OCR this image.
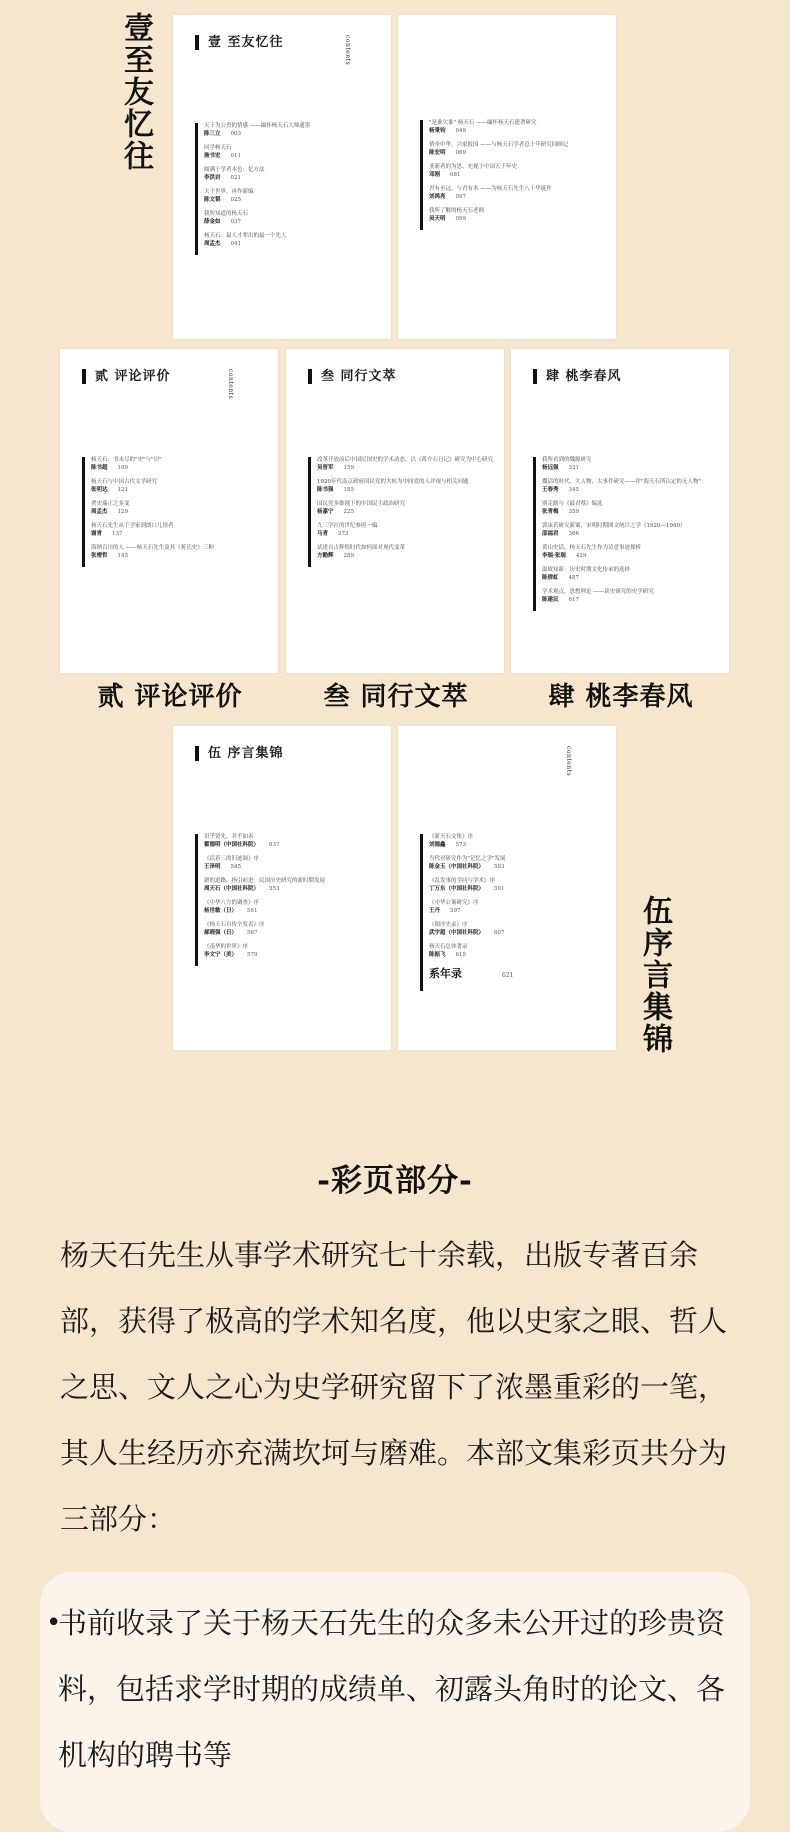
壹至友忆往	壹 至友忆往	contents
天下为公贵的情感 ——缅怀杨天石大师遗墨
陈三立 003
同学杨天石
施书宏 011
圆满于学者本色：忆方法
李洪岩 021
大千世界，再作新编
陈文韬 025
我所知道的杨天石
薛金如 037
杨天石：最人才辈出的最一个先人
周孟杰 041
"是谁欠谁" 杨天石 ——缅怀杨天石遗著研究
杨秉钧 049
情牵中华，兴家报国 ——与杨天石学者总十年研究回顾记
陈宏明 069
亚新者的为思、充视于中国五千年史
邓刚 081
君有至远，与君有本 ——为杨天石先生八十华诞作
刘鸿亮 097
我所了解的杨天石老师
吴天明 099
贰 评论评价	contents
杨天石：书未尽的"史"与"识"
陈书超 109
杨天石与中国古代文学研究
张明达 121
著史瑞正之多变
周孟杰 129
杨天石先生从千学家到朗口儿情者
谢青 137
海纳百川的人 ——杨天石先生及其《蒋氏史》三种
张增哲 145
叁 同行文萃
改革开放前后中国民国史的学术动态，以《蒋介石日记》研究为中心研究
吴晋军 159
1920年代南京政府国民党的大转为中间党的人评视与相关问题
陈书强 185
国民党多维视下的中国民主政治研究
杨嘉宁 225
九三学社的世纪参照一编
马青 273
试述自古辉煌时代如何面对现代变革
方勤辉 289
肆 桃李春风
我所看到的魏源研究
杨远强 331
撒话的时代，大人物，大事件研究——评"海天石所认定的无人物"
王春秀 345
别走路与《最君蔡》编选
张青梅 359
郭沫若研究新案，宋明时期图文统计之学（1920—1940）
邵福君 366
黄山史话，杨天石先生作为诗意事迹探析
李瑞·张瑞 429
温故知新：历史时期文化传承的选择
陈倩虹 487
学术观点，思想理论 ——谈史研究的史学研究
陈建民 617
贰 评论评价	叁 同行文萃	肆 桃李春风
伍 序言集锦
识乎贤先，并不如表
霍德明（中国社科院） 637
《活着三的旧迹调》序
王泽明 545
新的道路，指引前进：民国历史研究的新时期发展
周天石（中国社科院） 553
《中华八方的调查》序
杨世敏（日） 561
《杨天石自传全发表》序
郝晓强（日） 567
《南华的世界》序
李文宁（美） 579
contents
《新天石文集》序
刘德鑫 573
当代对研究作为"记忆之学"发展
陈金玉（中国社科院） 583
《乱发事的学问与学术》序
丁万东（中国社科院） 591
《中华公案研究》序
王丹 597
《图序史录》序
武宇超（中国社科院） 607
杨天石总体著录
陈振飞 615
系年录	621	伍序言集锦
-彩页部分-

杨天石先生从事学术研究七十余载，出版专著百余部，获得了极高的学术知名度，他以史家之眼、哲人之思、文人之心为史学研究留下了浓墨重彩的一笔，其人生经历亦充满坎坷与磨难。本部文集彩页共分为三部分：

•
书前收录了关于杨天石先生的众多未公开过的珍贵资料，包括求学时期的成绩单、初露头角时的论文、各机构的聘书等
